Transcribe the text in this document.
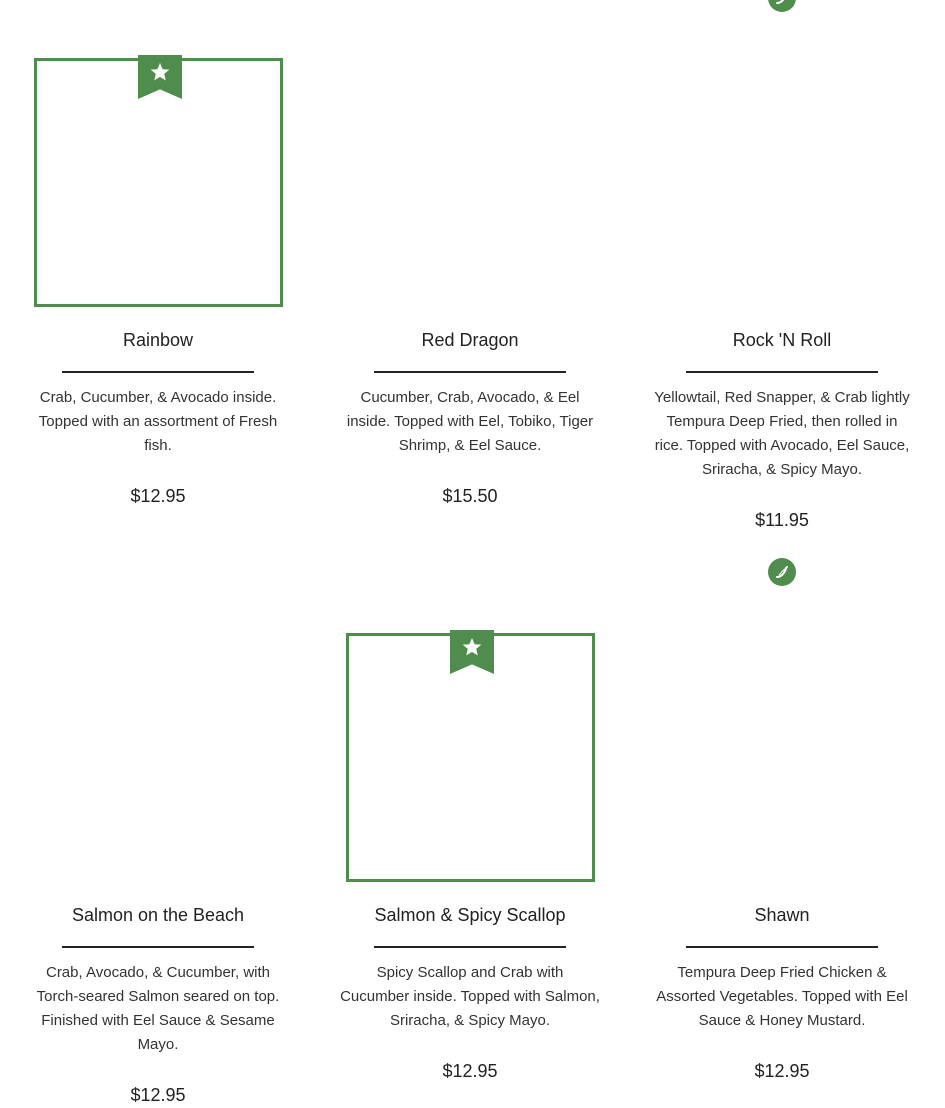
Rainbow
Crab, Cucumber, & Avocado inside. Topped with an assortment of Fresh fish.
$12.95
Red Dragon
Cucumber, Crab, Avocado, & Eel inside. Topped with Eel, Tobiko, Tiger Shrimp, & Eel Sauce.
$15.50
Rock 'N Roll
Yellowtail, Red Snapper, & Crab lightly Tempura Deep Fried, then rolled in rice. Topped with Avocado, Eel Sauce, Sriracha, & Spicy Mayo.
$11.95
Salmon on the Beach
Crab, Avocado, & Cucumber, with Torch-seared Salmon seared on top. Finished with Eel Sauce & Sesame Mayo.
$12.95
Salmon & Spicy Scallop
Spicy Scallop and Crab with Cucumber inside. Topped with Salmon, Sriracha, & Spicy Mayo.
$12.95
Shawn
Tempura Deep Fried Chicken & Assorted Vegetables. Topped with Eel Sauce & Honey Mustard.
$12.95
